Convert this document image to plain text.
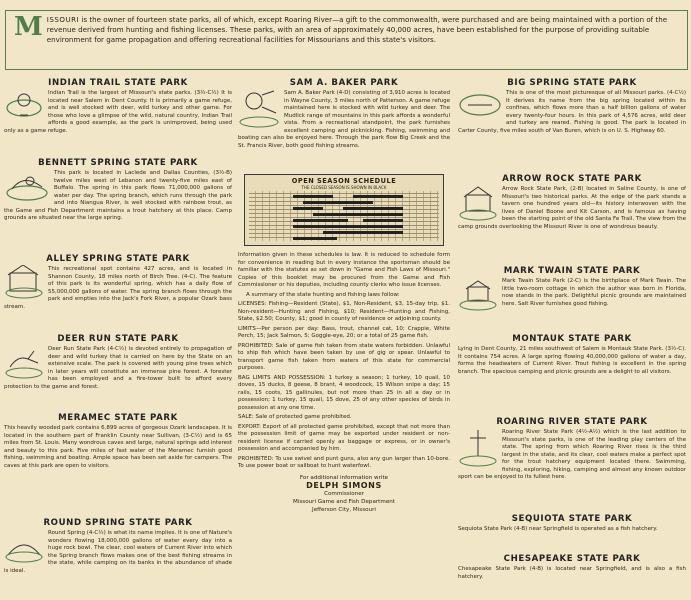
M ISSOURI is the owner of fourteen state parks, all of which, except Roaring River—a gift to the commonwealth, were purchased and are being maintained with a portion of the revenue derived from hunting and fishing licenses. These parks, with an area of approximately 40,000 acres, have been established for the purpose of providing suitable environment for game propagation and offering recreational facilities for Missourians and this state's visitors.

INDIAN TRAIL STATE PARK

Indian Trail is the largest of Missouri's state parks. (3½-C½) It is located near Salem in Dent County. It is primarily a game refuge, and is well stocked with deer, wild turkey and other game. For those who love a glimpse of the wild, natural country, Indian Trail affords a good example, as the park is unimproved, being used only as a game refuge.

BENNETT SPRING STATE PARK

This park is located in Laclede and Dallas Counties, (3½-B) twelve miles west of Lebanon and twenty-five miles east of Buffalo. The spring in this park flows 71,000,000 gallons of water per day. The spring branch, which runs through the park and into Niangua River, is well stocked with rainbow trout, as the Game and Fish Department maintains a trout hatchery at this place. Camp grounds are situated near the large spring.

ALLEY SPRING STATE PARK

This recreational spot contains 427 acres, and is located in Shannon County, 18 miles north of Birch Tree. (4-C). The feature of this park is its wonderful spring, which has a daily flow of 55,000,000 gallons of water. The spring branch flows through the park and empties into the Jack's Fork River, a popular Ozark bass stream.

DEER RUN STATE PARK

Deer Run State Park (4-C½) is devoted entirely to propagation of deer and wild turkey that is carried on here by the State on an extensive scale. The park is covered with young pine trees which in later years will constitute an immense pine forest. A forester has been employed and a fire-tower built to afford every protection to the game and forest.

MERAMEC STATE PARK

This heavily wooded park contains 6,899 acres of gorgeous Ozark landscapes. It is located in the southern part of Franklin County near Sullivan, (3-C½) and is 65 miles from St. Louis. Many wondrous caves and large, natural springs add interest and beauty to this park. Five miles of fast water of the Meramec furnish good fishing, swimming and boating. Ample space has been set aside for campers. The caves at this park are open to visitors.

ROUND SPRING STATE PARK

Round Spring (4-C½) is what its name implies. It is one of Nature's wonders flowing 18,000,000 gallons of water every day into a huge rock bowl. The clear, cool waters of Current River into which the Spring branch flows makes one of the best fishing streams in the state, while camping on its banks in the abundance of shade is ideal.

SAM A. BAKER PARK

Sam A. Baker Park (4-D) consisting of 3,910 acres is located in Wayne County, 3 miles north of Patterson. A game refuge maintained here is stocked with wild turkey and deer. The Mudlick range of mountains in this park affords a wonderful vista. From a recreational standpoint, the park furnishes excellent camping and picknicking. Fishing, swimming and boating can also be enjoyed here. Through the park flow Big Creek and the St. Francis River, both good fishing streams.

OPEN SEASON SCHEDULE
THE CLOSED SEASON IS SHOWN IN BLACK

Information given in these schedules is law. It is reduced to schedule form for convenience in reading but in every instance the sportsman should be familiar with the statutes as set down in "Game and Fish Laws of Missouri." Copies of this booklet may be procured from the Game and Fish Commissioner or his deputies, including county clerks who issue licenses.

A summary of the state hunting and fishing laws follow:

LICENSES: Fishing—Resident (State), $1, Non-Resident, $3, 15-day trip, $1. Non-resident—Hunting and Fishing, $10; Resident—Hunting and Fishing, State, $2.50; County, $1; good in county of residence or adjoining county.

LIMITS—Per person per day: Bass, trout, channel cat, 10; Crappie, White Perch, 15; Jack Salmon, 5; Goggle-eye, 20; or a total of 25 game fish.

PROHIBITED: Sale of game fish taken from state waters forbidden. Unlawful to ship fish which have been taken by use of gig or spear. Unlawful to transport game fish taken from waters of this state for commercial purposes.

BAG LIMITS AND POSSESSION: 1 turkey a season; 1 turkey, 10 quail, 10 doves, 15 ducks, 8 geese, 8 brant, 4 woodcock, 15 Wilson snipe a day; 15 rails, 15 coots, 15 gallinules, but not more than 25 in all a day or in possession; 1 turkey, 15 quail, 15 dove, 25 of any other species of birds in possession at any one time.

SALE: Sale of protected game prohibited.

EXPORT: Export of all protected game prohibited, except that not more than the possession limit of game may be exported under resident or non-resident license if carried openly as baggage or express, or in owner's possession and accompanied by him.

PROHIBITED: To use swivel and punt guns, also any gun larger than 10-bore. To use power boat or sailboat to hunt waterfowl.

For additional information write
DELPH SIMONS
Commissioner
Missouri Game and Fish Department
Jefferson City, Missouri

BIG SPRING STATE PARK

This is one of the most picturesque of all Missouri parks. (4-C½) It derives its name from the big spring located within its confines, which flows more than a half billion gallons of water every twenty-four hours. In this park of 4,576 acres, wild deer and turkey are reared. Fishing is good. The park is located in Carter County, five miles south of Van Buren, which is on U. S. Highway 60.

ARROW ROCK STATE PARK

Arrow Rock State Park, (2-B) located in Saline County, is one of Missouri's two historical parks. At the edge of the park stands a tavern one hundred years old—its history interwoven with the lives of Daniel Boone and Kit Carson, and is famous as having been the starting point of the old Santa Fe Trail. The view from the camp grounds overlooking the Missouri River is one of wondrous beauty.

MARK TWAIN STATE PARK

Mark Twain State Park (2-C) is the birthplace of Mark Twain. The little two-room cottage in which the author was born in Florida, now stands in the park. Delightful picnic grounds are maintained here. Salt River furnishes good fishing.

MONTAUK STATE PARK

Lying in Dent County, 21 miles southwest of Salem is Montauk State Park. (3½-C). It contains 754 acres. A large spring flowing 40,000,000 gallons of water a day, forms the headwaters of Current River. Trout fishing is excellent in the spring branch. The spacious camping and picnic grounds are a delight to all visitors.

ROARING RIVER STATE PARK

Roaring River State Park (4½-A½) which is the last addition to Missouri's state parks, is one of the leading play centers of the state. The spring from which Roaring River rises is the third largest in the state, and its clear, cool waters make a perfect spot for the trout hatchery equipment located there. Swimming, fishing, exploring, hiking, camping and almost any known outdoor sport can be enjoyed to its fullest here.

SEQUIOTA STATE PARK

Sequiota State Park (4-B) near Springfield is operated as a fish hatchery.

CHESAPEAKE STATE PARK

Chesapeake State Park (4-B) is located near Springfield, and is also a fish hatchery.
